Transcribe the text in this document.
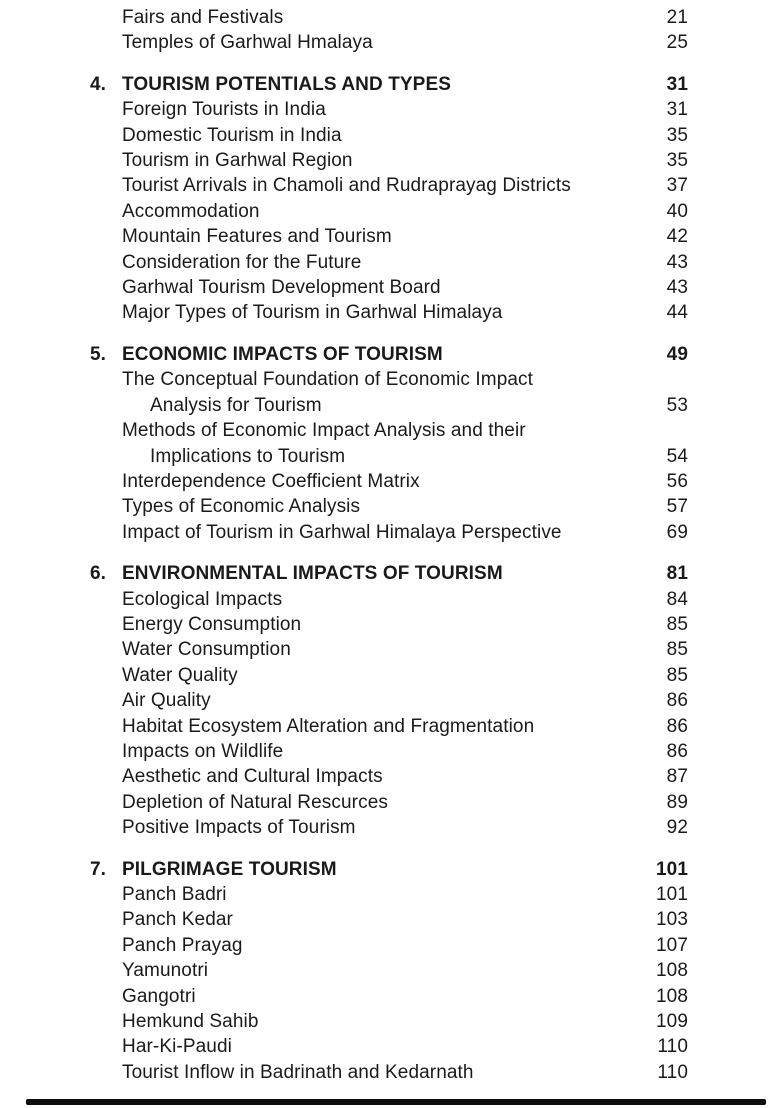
Fairs and Festivals	21
Temples of Garhwal Hmalaya	25
4. TOURISM POTENTIALS AND TYPES	31
Foreign Tourists in India	31
Domestic Tourism in India	35
Tourism in Garhwal Region	35
Tourist Arrivals in Chamoli and Rudraprayag Districts	37
Accommodation	40
Mountain Features and Tourism	42
Consideration for the Future	43
Garhwal Tourism Development Board	43
Major Types of Tourism in Garhwal Himalaya	44
5. ECONOMIC IMPACTS OF TOURISM	49
The Conceptual Foundation of Economic Impact
Analysis for Tourism	53
Methods of Economic Impact Analysis and their
Implications to Tourism	54
Interdependence Coefficient Matrix	56
Types of Economic Analysis	57
Impact of Tourism in Garhwal Himalaya Perspective	69
6. ENVIRONMENTAL IMPACTS OF TOURISM	81
Ecological Impacts	84
Energy Consumption	85
Water Consumption	85
Water Quality	85
Air Quality	86
Habitat Ecosystem Alteration and Fragmentation	86
Impacts on Wildlife	86
Aesthetic and Cultural Impacts	87
Depletion of Natural Rescurces	89
Positive Impacts of Tourism	92
7. PILGRIMAGE TOURISM	101
Panch Badri	101
Panch Kedar	103
Panch Prayag	107
Yamunotri	108
Gangotri	108
Hemkund Sahib	109
Har-Ki-Paudi	110
Tourist Inflow in Badrinath and Kedarnath	110
